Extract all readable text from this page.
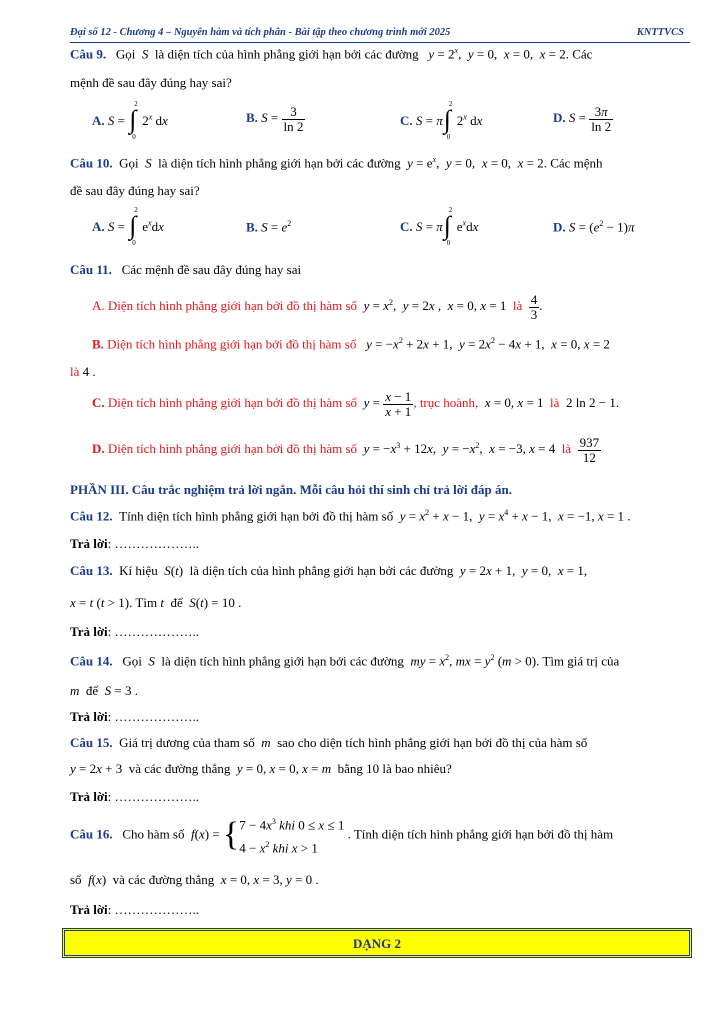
Đại số 12 - Chương 4 – Nguyên hàm và tích phân - Bài tập theo chương trình mới 2025	KNTTVCS
Câu 9. Gọi S là diện tích của hình phẳng giới hạn bởi các đường $y = 2^x$,  y = 0,  x = 0,  x = 2. Các
mệnh đề sau đây đúng hay sai?
A. S = ∫
2
0
2$^x$ dx	B. $S = \frac{3}{\ln 2}$	C. S = π ∫
2
0
2$^x$ dx	D. $S = \frac{3\pi}{\ln 2}$
Câu 10. Gọi S là diện tích hình phẳng giới hạn bởi các đường $y = e^x$,  y = 0,  x = 0,  x = 2. Các mệnh
đề sau đây đúng hay sai?
A. S = ∫
2
0
$e^xdx$	B. $S = e^2$	C. S = π ∫
2
0
$e^xdx$	D. $S = (e^2 - 1)\pi$
Câu 11. Các mệnh đề sau đây đúng hay sai
A. Diện tích hình phẳng giới hạn bởi đồ thị hàm số $y = x^2$,  y = 2x ,  x = 0, x = 1  là $\frac{4}{3}$ .
B. Diện tích hình phẳng giới hạn bởi đồ thị hàm số $y = -x^2 + 2x + 1$,  $y = 2x^2 - 4x + 1$,  x = 0, x = 2
là 4 .
C. Diện tích hình phẳng giới hạn bởi đồ thị hàm số $y = \frac{x - 1}{x + 1}$ , trục hoành, x = 0, x = 1  là  2 ln 2 − 1.
D. Diện tích hình phẳng giới hạn bởi đồ thị hàm số $y = -x^3 + 12x$,  $y = -x^2$,  x = −3, x = 4  là $\frac{937}{12}$
PHẦN III. Câu trắc nghiệm trả lời ngắn. Mỗi câu hỏi thí sinh chỉ trả lời đáp án.
Câu 12. Tính diện tích hình phẳng giới hạn bởi đồ thị hàm số $y = x^2 + x - 1$,  $y = x^4 + x - 1$,  x = −1, x = 1 .
Trả lời: ………………..
Câu 13. Kí hiệu S(t)  là diện tích của hình phẳng giới hạn bởi các đường y = 2x + 1,  y = 0,  x = 1,
x = t (t > 1). Tìm t để S(t) = 10 .
Trả lời: ………………..
Câu 14. Gọi S là diện tích hình phẳng giới hạn bởi các đường my = $x^2$, mx = $y^2$ (m > 0). Tìm giá trị của
m để S = 3 .
Trả lời: ………………..
Câu 15. Giá trị dương của tham số m sao cho diện tích hình phẳng giới hạn bởi đồ thị của hàm số
y = 2x + 3  và các đường thẳng y = 0, x = 0, x = m bằng 10 là bao nhiêu?
Trả lời: ………………..
Câu 16. Cho hàm số $f(x) = \{7 - 4x^3$ khi 0 ≤ x ≤ 1
$4 - x^2$ khi x > 1 . Tính diện tích hình phẳng giới hạn bởi đồ thị hàm
số f(x)  và các đường thẳng x = 0, x = 3, y = 0 .
Trả lời: ………………..
DẠNG 2
